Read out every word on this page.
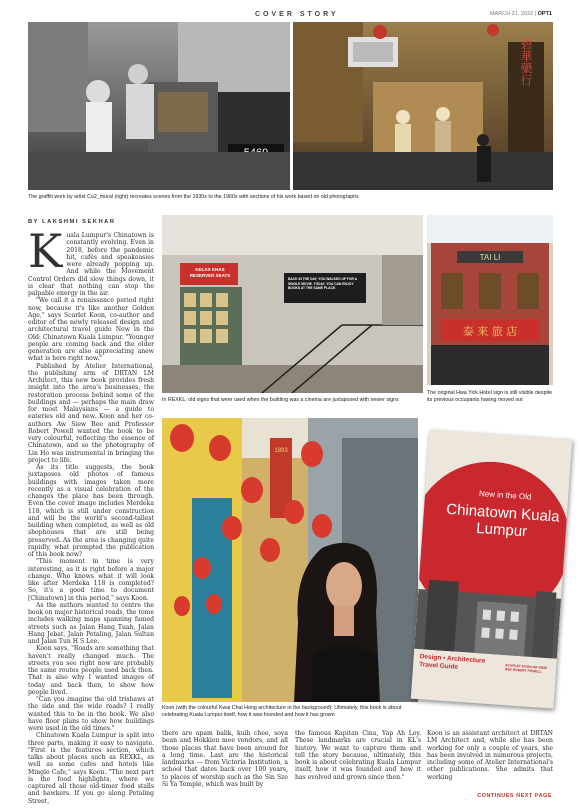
COVER STORY	MARCH 21, 2022 | OPT1
碧華藥行
The graffiti work by artist Co2_mural (right) recreates scenes from the 1930s to the 1960s with sections of his work based on old photographs
BY LAKSHMI SEKHAR
KELAS KHAS RESERVED SEATS
BACK IN THE DAY, YOU WALKED UP FOR A SINGLE MOVIE. TODAY, YOU CAN ENJOY BOOKS AT THE SAME PLACE.
In REXKL, old signs that were used when the building was a cinema are juxtaposed with newer signs
TAI LI
泰 來 旅 店
The original Hwa Yick Hotel sign is still visible despite its previous occupants having moved out
1893
Koon (with the colourful Kwai Chai Hong architecture in the background): Ultimately, this book is about celebrating Kuala Lumpur itself, how it was founded and how it has grown
New in the Old
Chinatown Kuala Lumpur
Design • Architecture Travel Guide	SCARLET KOON AW SIEW BEE ROBERT POWELL

Kuala Lumpur's Chinatown is constantly evolving. Even in 2018, before the pandemic hit, cafés and speakeasies were already popping up. And while the Movement Control Orders did slow things down, it is clear that nothing can stop the palpable energy in the air.

"We call it a renaissance period right now, because it's like another Golden Age," says Scarlet Koon, co-author and editor of the newly released design and architectural travel guide New in the Old: Chinatown Kuala Lumpur. "Younger people are coming back and the older generation are also appreciating anew what is here right now."

Published by Atelier International, the publishing arm of DRTAN LM Architect, this new book provides fresh insight into the area's businesses, the restoration process behind some of the buildings and — perhaps the main draw for most Malaysians — a guide to eateries old and new. Koon and her co-authors Aw Siew Bee and Professor Robert Powell wanted the book to be very colourful, reflecting the essence of Chinatown, and so the photography of Lin Ho was instrumental in bringing the project to life.

As its title suggests, the book juxtaposes old photos of famous buildings with images taken more recently as a visual celebration of the changes the place has been through. Even the cover image includes Merdeka 118, which is still under construction and will be the world's second-tallest building when completed, as well as old shophouses that are still being preserved. As the area is changing quite rapidly, what prompted the publication of this book now?

"This moment in time is very interesting, as it is right before a major change. Who knows what it will look like after Merdeka 118 is completed? So, it's a good time to document [Chinatown] in this period," says Koon.

As the authors wanted to centre the book on major historical roads, the tome includes walking maps spanning famed streets such as Jalan Hang Tuah, Jalan Hang Jebat, Jalan Petaling, Jalan Sultan and Jalan Tun H S Lee.

Koon says, "Roads are something that haven't really changed much. The streets you see right now are probably the same routes people used back then. That is also why I wanted images of today and back then, to show how people lived.

"Can you imagine the old trishaws at the side and the wide roads? I really wanted this to be in the book. We also have floor plans to show how buildings were used in the old times."

Chinatown Kuala Lumpur is split into three parts, making it easy to navigate. "First is the features section, which talks about places such as REXKL, as well as some cafés and hotels like Mingle Cafe," says Koon. "The next part is the food highlights, where we captured all those old-timer food stalls and hawkers. If you go along Petaling Street,

there are apam balik, kuih chee, soya bean and Hokkien mee vendors, and all those places that have been around for a long time. Last are the historical landmarks — from Victoria Institution, a school that dates back over 100 years, to places of worship such as the Sin Sze Si Ya Temple, which was built by

the famous Kapitan Cina, Yap Ah Loy. These landmarks are crucial in KL's history. We want to capture them and tell the story because, ultimately, this book is about celebrating Kuala Lumpur itself, how it was founded and how it has evolved and grown since then."

Koon is an assistant architect at DRTAN LM Architect and, while she has been working for only a couple of years, she has been involved in numerous projects, including some of Atelier International's other publications. She admits that working

CONTINUES NEXT PAGE
